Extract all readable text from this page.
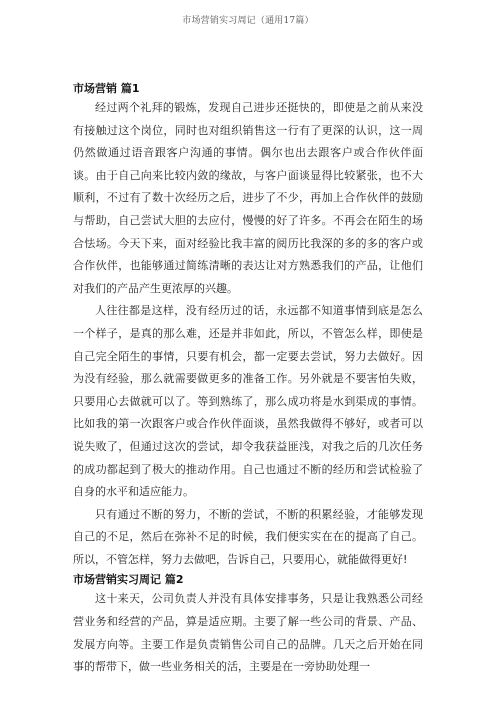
市场营销实习周记（通用17篇）
市场营销 篇1

经过两个礼拜的锻炼，发现自己进步还挺快的，即使是之前从来没有接触过这个岗位，同时也对组织销售这一行有了更深的认识，这一周仍然做通过语音跟客户沟通的事情。偶尔也出去跟客户或合作伙伴面谈。由于自己向来比较内敛的缘故，与客户面谈显得比较紧张，也不大顺利，不过有了数十次经历之后，进步了不少，再加上合作伙伴的鼓励与帮助，自己尝试大胆的去应付，慢慢的好了许多。不再会在陌生的场合怯场。今天下来，面对经验比我丰富的阅历比我深的多的多的客户或合作伙伴，也能够通过简练清晰的表达让对方熟悉我们的产品，让他们对我们的产品产生更浓厚的兴趣。

人往往都是这样，没有经历过的话，永远都不知道事情到底是怎么一个样子，是真的那么难，还是并非如此，所以，不管怎么样，即使是自己完全陌生的事情，只要有机会，都一定要去尝试，努力去做好。因为没有经验，那么就需要做更多的准备工作。另外就是不要害怕失败，只要用心去做就可以了。等到熟练了，那么成功将是水到渠成的事情。比如我的第一次跟客户或合作伙伴面谈，虽然我做得不够好，或者可以说失败了，但通过这次的尝试，却令我获益匪浅，对我之后的几次任务的成功都起到了极大的推动作用。自己也通过不断的经历和尝试检验了自身的水平和适应能力。

只有通过不断的努力，不断的尝试，不断的积累经验，才能够发现自己的不足，然后在弥补不足的时候，我们便实实在在的提高了自己。所以，不管怎样，努力去做吧，告诉自己，只要用心，就能做得更好!

市场营销实习周记 篇2

这十来天，公司负责人并没有具体安排事务，只是让我熟悉公司经营业务和经营的产品，算是适应期。主要了解一些公司的背景、产品、发展方向等。主要工作是负责销售公司自己的品牌。几天之后开始在同事的帮带下，做一些业务相关的活，主要是在一旁协助处理一
